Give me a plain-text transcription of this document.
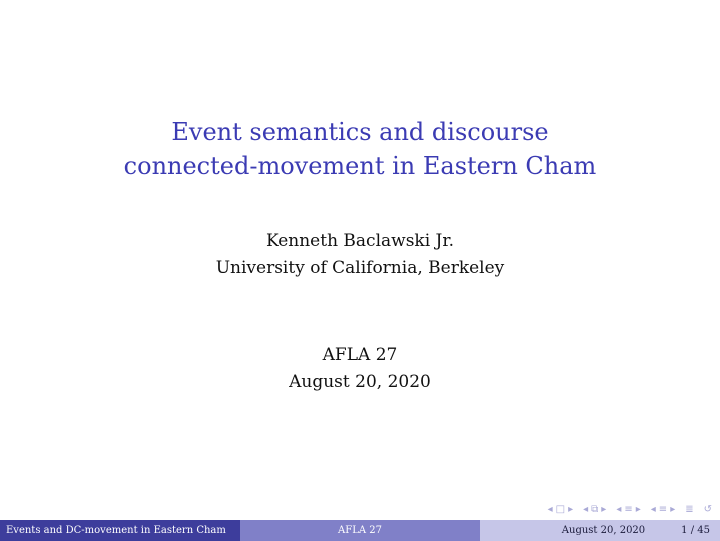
Event semantics and discourse
connected-movement in Eastern Cham
Kenneth Baclawski Jr.
University of California, Berkeley
AFLA 27
August 20, 2020
◂ □ ▸ ◂ ⧉ ▸ ◂ ≡ ▸ ◂ ≡ ▸ ≣ ↺
Events and DC-movement in Eastern Cham	AFLA 27	August 20, 2020	1 / 45
